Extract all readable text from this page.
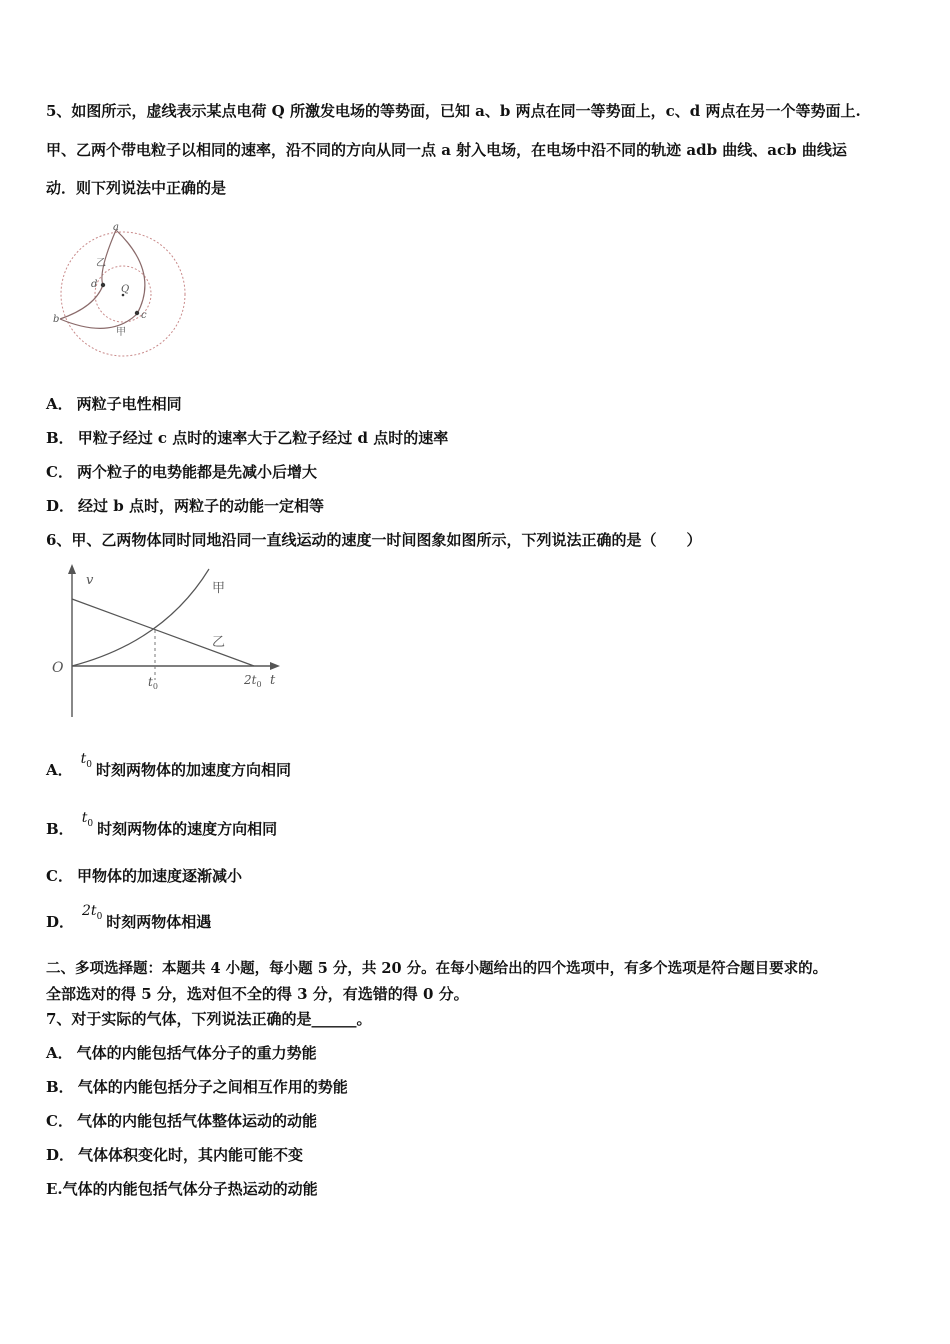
5、如图所示，虚线表示某点电荷 Q 所激发电场的等势面，已知 a、b 两点在同一等势面上，c、d 两点在另一个等势面上.
甲、乙两个带电粒子以相同的速率，沿不同的方向从同一点 a 射入电场，在电场中沿不同的轨迹 adb 曲线、acb 曲线运
动．则下列说法中正确的是
a
b	c
d Q
乙
甲
A． 两粒子电性相同
B． 甲粒子经过 c 点时的速率大于乙粒子经过 d 点时的速率
C． 两个粒子的电势能都是先减小后增大
D． 经过 b 点时，两粒子的动能一定相等
6、甲、乙两物体同时同地沿同一直线运动的速度一时间图象如图所示，下列说法正确的是（　　）
v
O
t
甲
乙
$t_0$	$2t_0$
A．$t_0$ 时刻两物体的加速度方向相同
B．$t_0$ 时刻两物体的速度方向相同
C． 甲物体的加速度逐渐减小
D．$2t_0$ 时刻两物体相遇
二、多项选择题：本题共 4 小题，每小题 5 分，共 20 分。在每小题给出的四个选项中，有多个选项是符合题目要求的。
全部选对的得 5 分，选对但不全的得 3 分，有选错的得 0 分。
7、对于实际的气体，下列说法正确的是______。
A． 气体的内能包括气体分子的重力势能
B． 气体的内能包括分子之间相互作用的势能
C． 气体的内能包括气体整体运动的动能
D． 气体体积变化时，其内能可能不变
E.气体的内能包括气体分子热运动的动能
